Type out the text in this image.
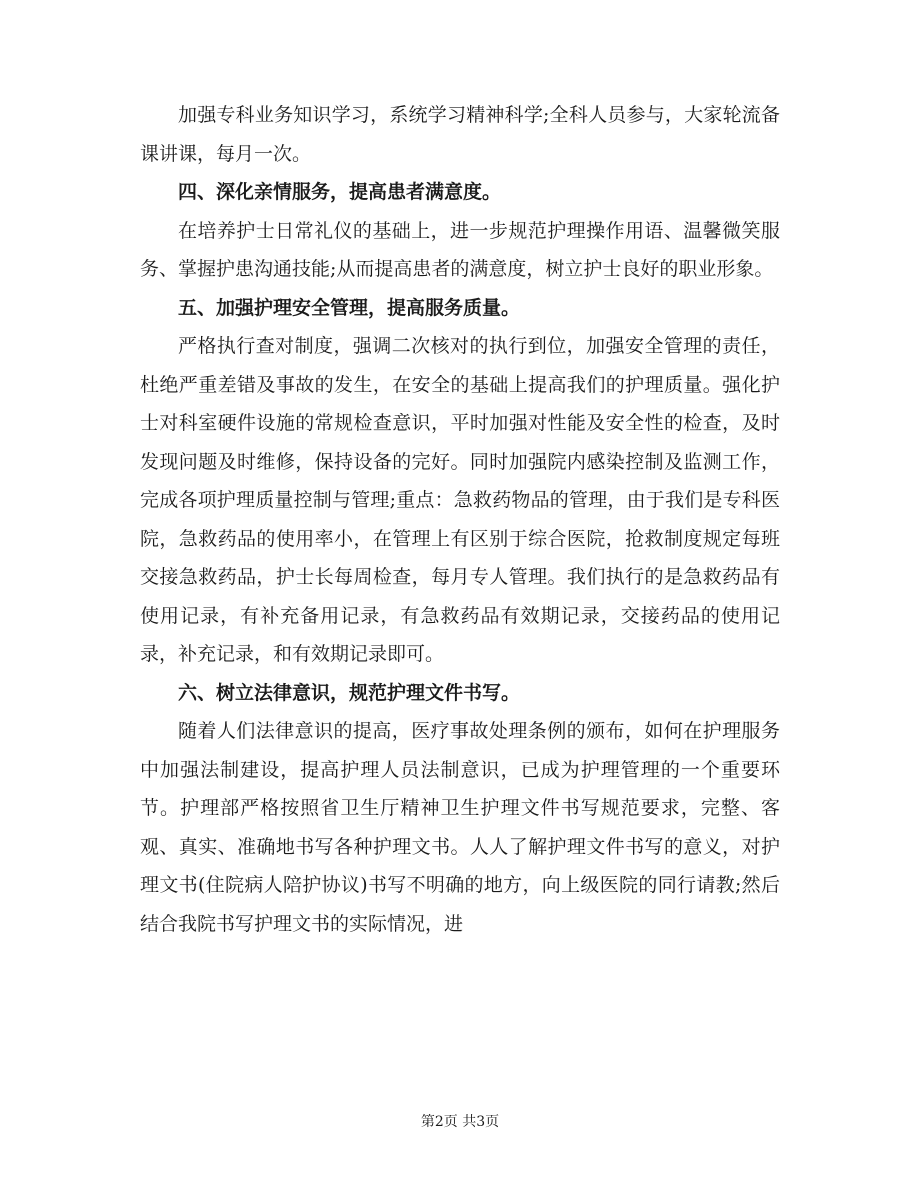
加强专科业务知识学习，系统学习精神科学;全科人员参与，大家轮流备课讲课，每月一次。

四、深化亲情服务，提高患者满意度。

在培养护士日常礼仪的基础上，进一步规范护理操作用语、温馨微笑服务、掌握护患沟通技能;从而提高患者的满意度，树立护士良好的职业形象。

五、加强护理安全管理，提高服务质量。

严格执行查对制度，强调二次核对的执行到位，加强安全管理的责任，杜绝严重差错及事故的发生，在安全的基础上提高我们的护理质量。强化护士对科室硬件设施的常规检查意识，平时加强对性能及安全性的检查，及时发现问题及时维修，保持设备的完好。同时加强院内感染控制及监测工作，完成各项护理质量控制与管理;重点：急救药物品的管理，由于我们是专科医院，急救药品的使用率小，在管理上有区别于综合医院，抢救制度规定每班交接急救药品，护士长每周检查，每月专人管理。我们执行的是急救药品有使用记录，有补充备用记录，有急救药品有效期记录，交接药品的使用记录，补充记录，和有效期记录即可。

六、树立法律意识，规范护理文件书写。

随着人们法律意识的提高，医疗事故处理条例的颁布，如何在护理服务中加强法制建设，提高护理人员法制意识，已成为护理管理的一个重要环节。护理部严格按照省卫生厅精神卫生护理文件书写规范要求，完整、客观、真实、准确地书写各种护理文书。人人了解护理文件书写的意义，对护理文书(住院病人陪护协议)书写不明确的地方，向上级医院的同行请教;然后结合我院书写护理文书的实际情况，进

第2页 共3页
